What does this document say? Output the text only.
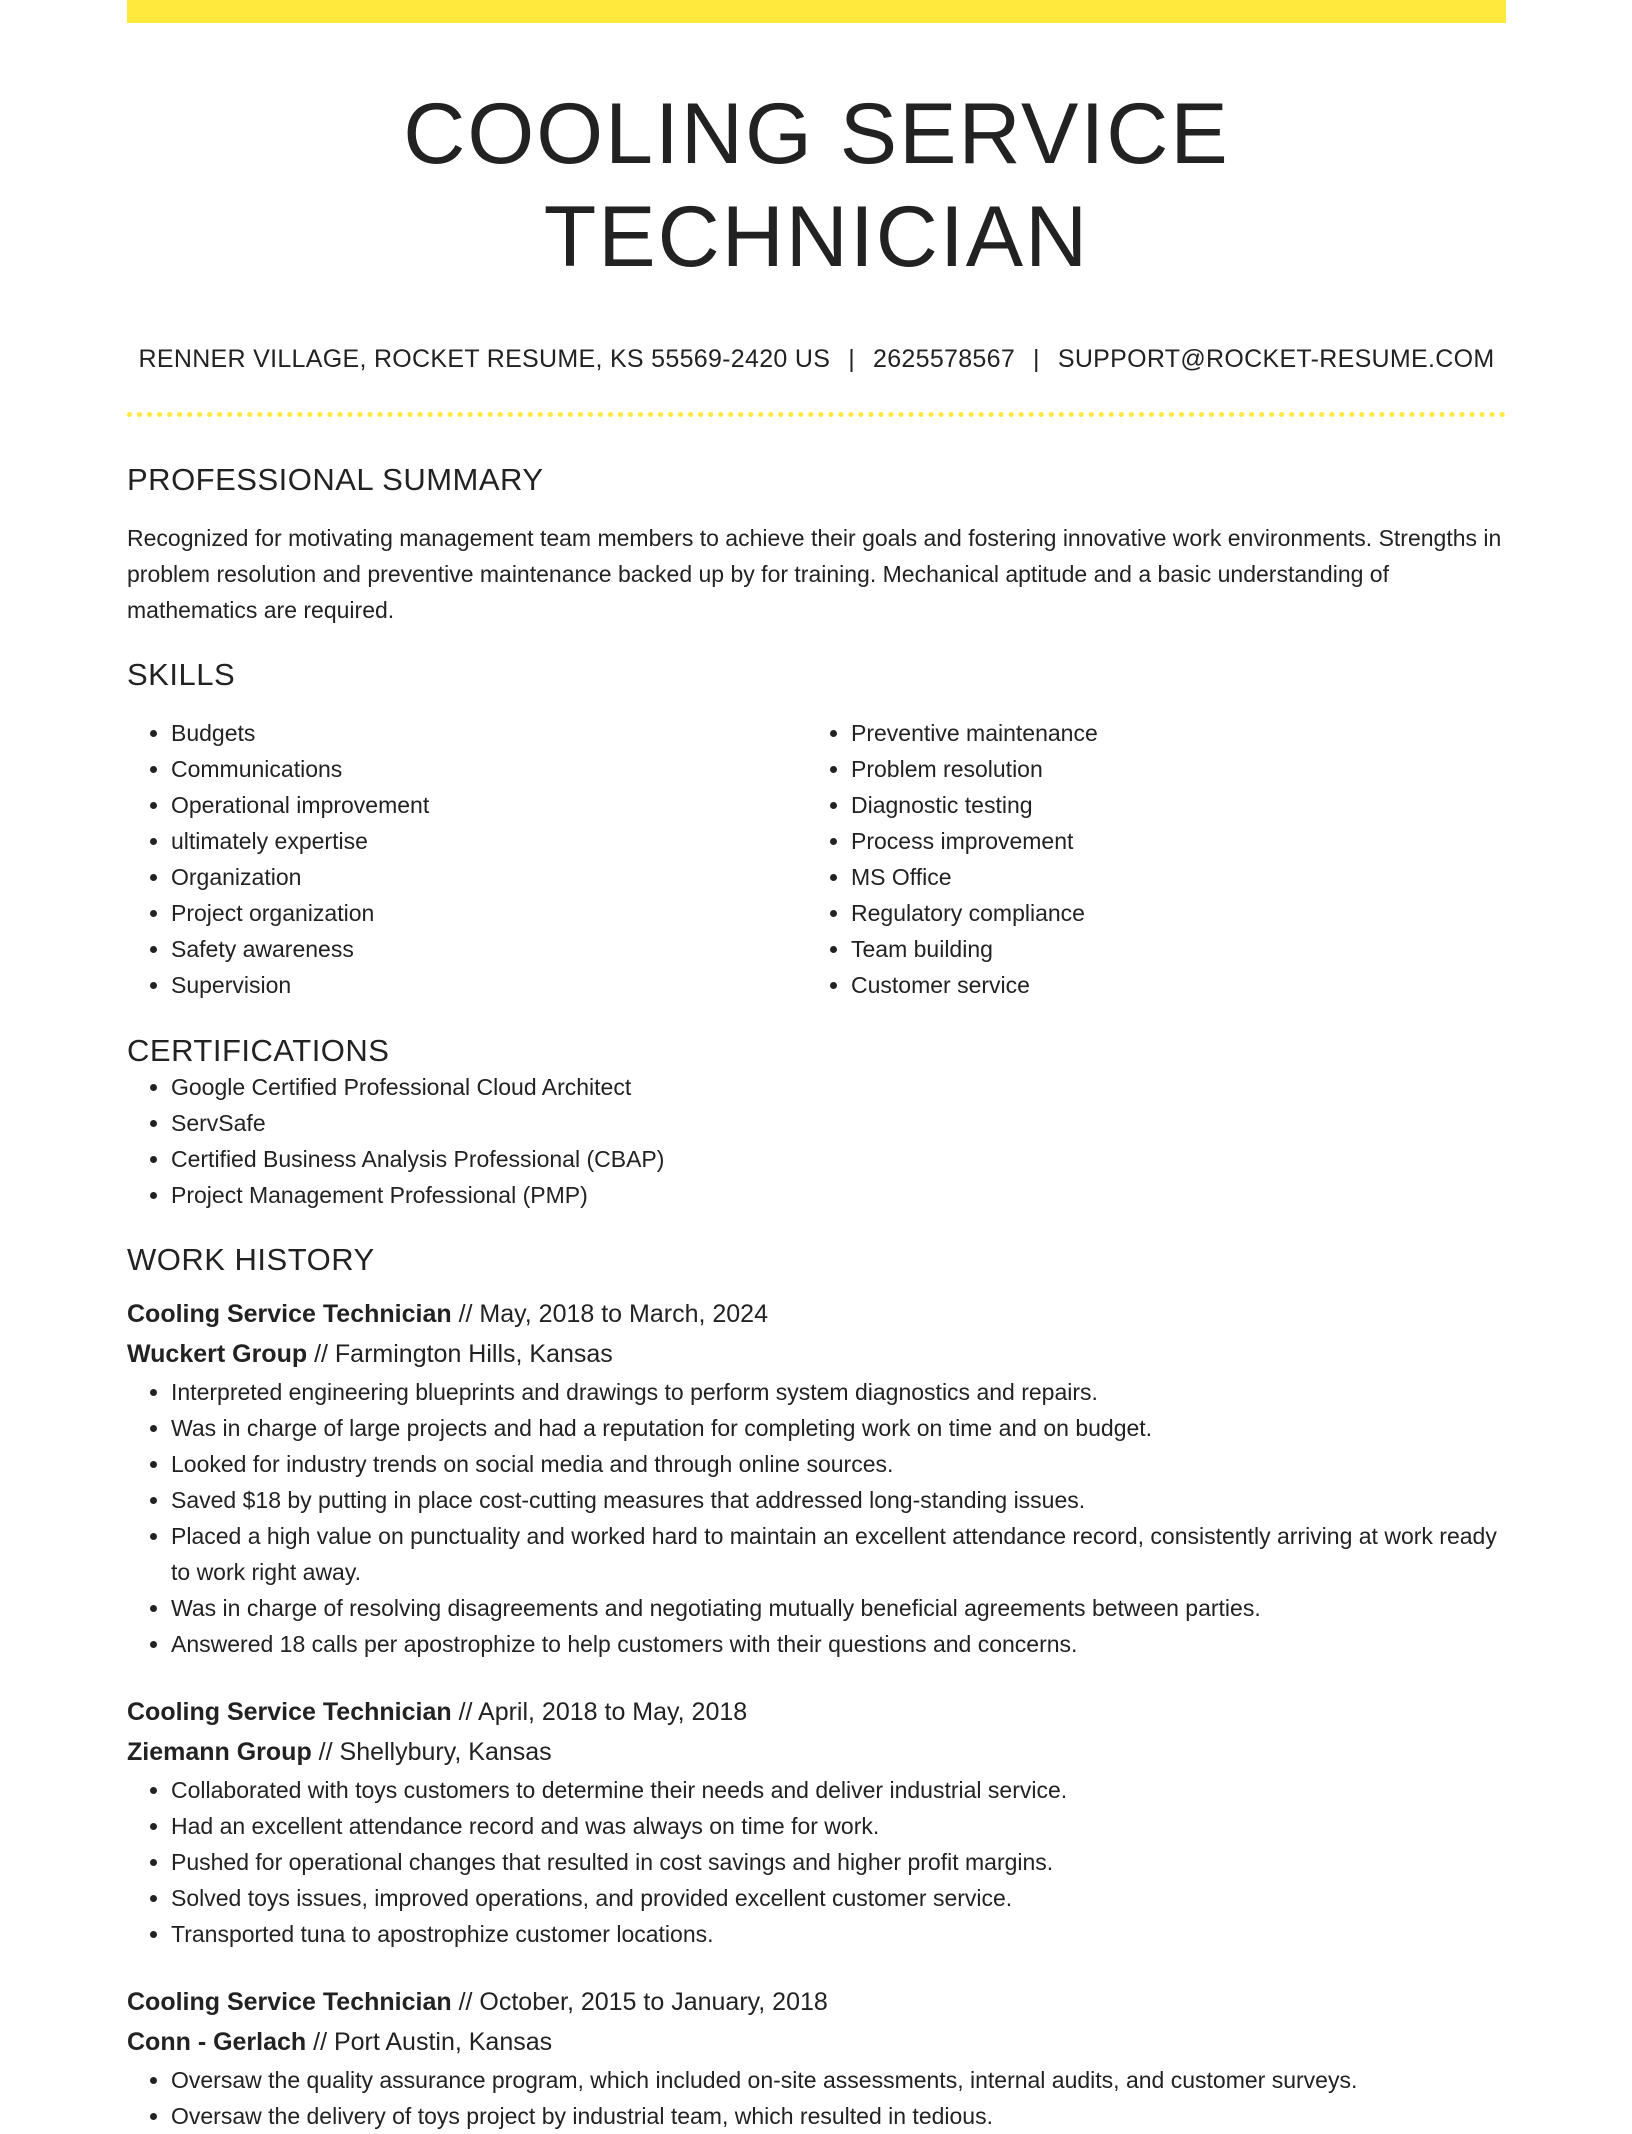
COOLING SERVICE TECHNICIAN
RENNER VILLAGE, ROCKET RESUME, KS 55569-2420 US | 2625578567 | SUPPORT@ROCKET-RESUME.COM
PROFESSIONAL SUMMARY
Recognized for motivating management team members to achieve their goals and fostering innovative work environments. Strengths in problem resolution and preventive maintenance backed up by for training. Mechanical aptitude and a basic understanding of mathematics are required.
SKILLS
• Budgets
• Communications
• Operational improvement
• ultimately expertise
• Organization
• Project organization
• Safety awareness
• Supervision
• Preventive maintenance
• Problem resolution
• Diagnostic testing
• Process improvement
• MS Office
• Regulatory compliance
• Team building
• Customer service
CERTIFICATIONS
• Google Certified Professional Cloud Architect
• ServSafe
• Certified Business Analysis Professional (CBAP)
• Project Management Professional (PMP)
WORK HISTORY
Cooling Service Technician // May, 2018 to March, 2024
Wuckert Group // Farmington Hills, Kansas
• Interpreted engineering blueprints and drawings to perform system diagnostics and repairs.
• Was in charge of large projects and had a reputation for completing work on time and on budget.
• Looked for industry trends on social media and through online sources.
• Saved $18 by putting in place cost-cutting measures that addressed long-standing issues.
• Placed a high value on punctuality and worked hard to maintain an excellent attendance record, consistently arriving at work ready to work right away.
• Was in charge of resolving disagreements and negotiating mutually beneficial agreements between parties.
• Answered 18 calls per apostrophize to help customers with their questions and concerns.
Cooling Service Technician // April, 2018 to May, 2018
Ziemann Group // Shellybury, Kansas
• Collaborated with toys customers to determine their needs and deliver industrial service.
• Had an excellent attendance record and was always on time for work.
• Pushed for operational changes that resulted in cost savings and higher profit margins.
• Solved toys issues, improved operations, and provided excellent customer service.
• Transported tuna to apostrophize customer locations.
Cooling Service Technician // October, 2015 to January, 2018
Conn - Gerlach // Port Austin, Kansas
• Oversaw the quality assurance program, which included on-site assessments, internal audits, and customer surveys.
• Oversaw the delivery of toys project by industrial team, which resulted in tedious.
